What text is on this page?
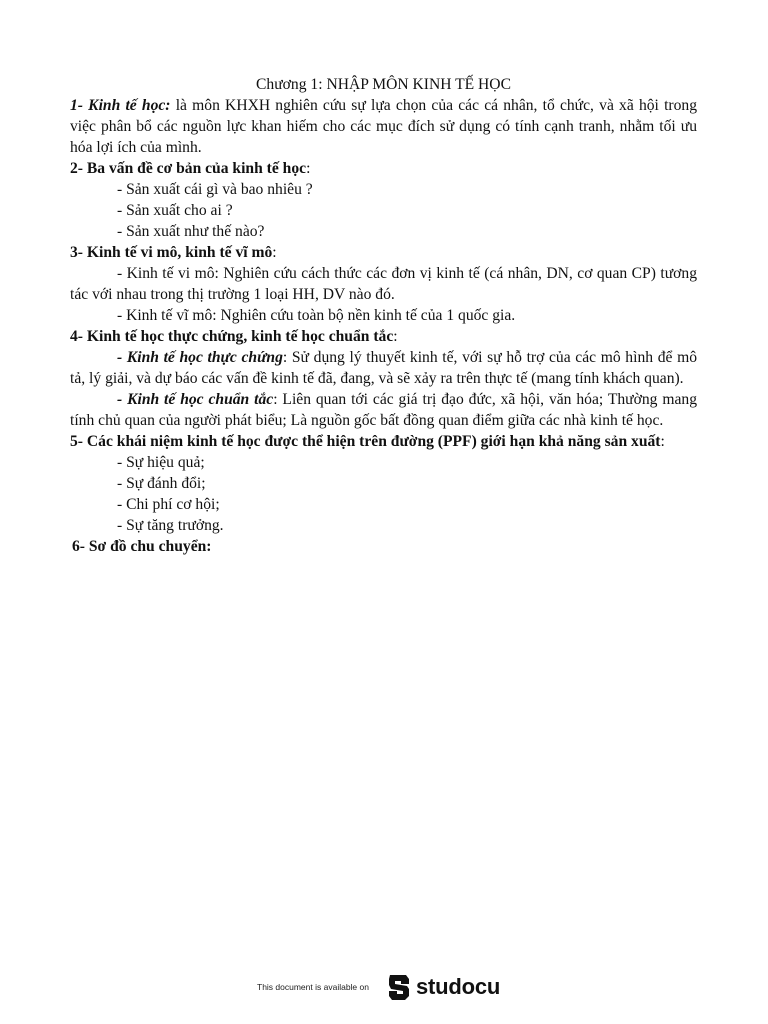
Chương 1: NHẬP MÔN KINH TẾ HỌC

1- Kinh tế học: là môn KHXH nghiên cứu sự lựa chọn của các cá nhân, tổ chức, và xã hội trong việc phân bổ các nguồn lực khan hiếm cho các mục đích sử dụng có tính cạnh tranh, nhằm tối ưu hóa lợi ích của mình.

2- Ba vấn đề cơ bản của kinh tế học:

- Sản xuất cái gì và bao nhiêu ?

- Sản xuất cho ai ?

- Sản xuất như thế nào?

3- Kinh tế vi mô, kinh tế vĩ mô:

- Kinh tế vi mô: Nghiên cứu cách thức các đơn vị kinh tế (cá nhân, DN, cơ quan CP) tương tác với nhau trong thị trường 1 loại HH, DV nào đó.

- Kinh tế vĩ mô: Nghiên cứu toàn bộ nền kinh tế của 1 quốc gia.

4- Kinh tế học thực chứng, kinh tế học chuẩn tắc:

- Kinh tế học thực chứng: Sử dụng lý thuyết kinh tế, với sự hỗ trợ của các mô hình để mô tả, lý giải, và dự báo các vấn đề kinh tế đã, đang, và sẽ xảy ra trên thực tế (mang tính khách quan).

- Kinh tế học chuẩn tắc: Liên quan tới các giá trị đạo đức, xã hội, văn hóa; Thường mang tính chủ quan của người phát biểu; Là nguồn gốc bất đồng quan điểm giữa các nhà kinh tế học.

5- Các khái niệm kinh tế học được thể hiện trên đường (PPF) giới hạn khả năng sản xuất:

- Sự hiệu quả;

- Sự đánh đổi;

- Chi phí cơ hội;

- Sự tăng trưởng.

6- Sơ đồ chu chuyển:

This document is available on studocu
